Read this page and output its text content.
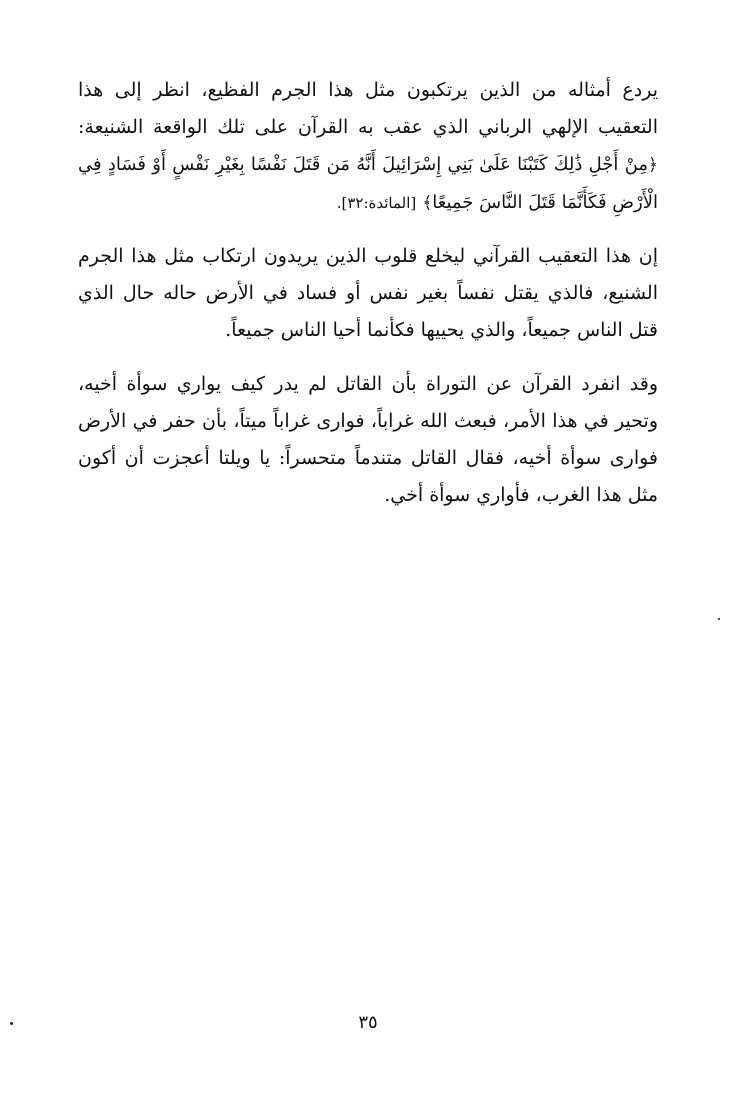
يردع أمثاله من الذين يرتكبون مثل هذا الجرم الفظيع، انظر إلى هذا التعقيب الإلهي الرباني الذي عقب به القرآن على تلك الواقعة الشنيعة: ﴿مِنْ أَجْلِ ذَٰلِكَ كَتَبْنَا عَلَىٰ بَنِي إِسْرَائِيلَ أَنَّهُ مَن قَتَلَ نَفْسًا بِغَيْرِ نَفْسٍ أَوْ فَسَادٍ فِي الْأَرْضِ فَكَأَنَّمَا قَتَلَ النَّاسَ جَمِيعًا﴾ [المائدة:٣٢].

إن هذا التعقيب القرآني ليخلع قلوب الذين يريدون ارتكاب مثل هذا الجرم الشنيع، فالذي يقتل نفساً بغير نفس أو فساد في الأرض حاله حال الذي قتل الناس جميعاً، والذي يحييها فكأنما أحيا الناس جميعاً.

وقد انفرد القرآن عن التوراة بأن القاتل لم يدر كيف يواري سوأة أخيه، وتحير في هذا الأمر، فبعث الله غراباً، فوارى غراباً ميتاً، بأن حفر في الأرض فوارى سوأة أخيه، فقال القاتل متندماً متحسراً: يا ويلتا أعجزت أن أكون مثل هذا الغرب، فأواري سوأة أخي.

٣٥
